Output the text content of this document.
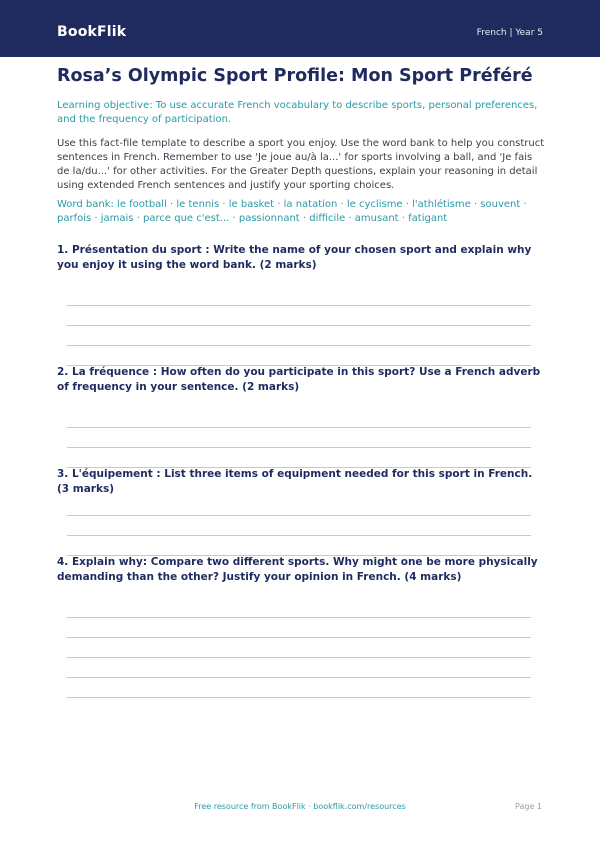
BookFlik	French | Year 5
Rosa’s Olympic Sport Profile: Mon Sport Préféré

Learning objective: To use accurate French vocabulary to describe sports, personal preferences, and the frequency of participation.

Use this fact-file template to describe a sport you enjoy. Use the word bank to help you construct sentences in French. Remember to use 'Je joue au/à la...' for sports involving a ball, and 'Je fais de la/du...' for other activities. For the Greater Depth questions, explain your reasoning in detail using extended French sentences and justify your sporting choices.

Word bank: le football · le tennis · le basket · la natation · le cyclisme · l'athlétisme · souvent · parfois · jamais · parce que c'est... · passionnant · difficile · amusant · fatigant

1. Présentation du sport : Write the name of your chosen sport and explain why you enjoy it using the word bank. (2 marks)

2. La fréquence : How often do you participate in this sport? Use a French adverb of frequency in your sentence. (2 marks)

3. L'équipement : List three items of equipment needed for this sport in French. (3 marks)

4. Explain why: Compare two different sports. Why might one be more physically demanding than the other? Justify your opinion in French. (4 marks)

Free resource from BookFlik · bookflik.com/resources	Page 1
